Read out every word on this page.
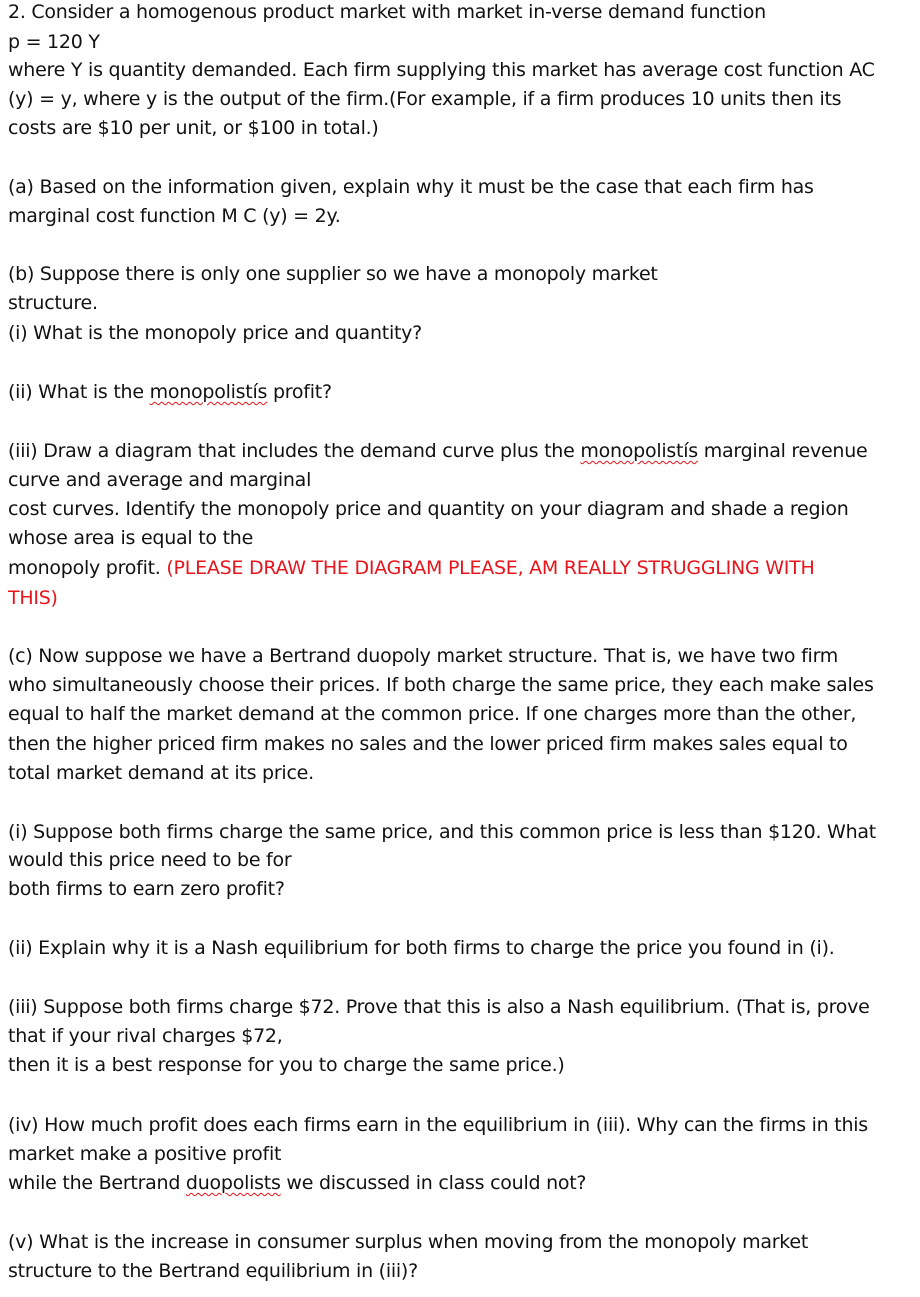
2. Consider a homogenous product market with market in-verse demand function
p = 120 Y
where Y is quantity demanded. Each firm supplying this market has average cost function AC
(y) = y, where y is the output of the firm.(For example, if a firm produces 10 units then its
costs are $10 per unit, or $100 in total.)
(a) Based on the information given, explain why it must be the case that each firm has
marginal cost function M C (y) = 2y.
(b) Suppose there is only one supplier so we have a monopoly market
structure.
(i) What is the monopoly price and quantity?
(ii) What is the monopolistís profit?
(iii) Draw a diagram that includes the demand curve plus the monopolistís marginal revenue
curve and average and marginal
cost curves. Identify the monopoly price and quantity on your diagram and shade a region
whose area is equal to the
monopoly profit. (PLEASE DRAW THE DIAGRAM PLEASE, AM REALLY STRUGGLING WITH
THIS)
(c) Now suppose we have a Bertrand duopoly market structure. That is, we have two firm
who simultaneously choose their prices. If both charge the same price, they each make sales
equal to half the market demand at the common price. If one charges more than the other,
then the higher priced firm makes no sales and the lower priced firm makes sales equal to
total market demand at its price.
(i) Suppose both firms charge the same price, and this common price is less than $120. What
would this price need to be for
both firms to earn zero profit?
(ii) Explain why it is a Nash equilibrium for both firms to charge the price you found in (i).
(iii) Suppose both firms charge $72. Prove that this is also a Nash equilibrium. (That is, prove
that if your rival charges $72,
then it is a best response for you to charge the same price.)
(iv) How much profit does each firms earn in the equilibrium in (iii). Why can the firms in this
market make a positive profit
while the Bertrand duopolists we discussed in class could not?
(v) What is the increase in consumer surplus when moving from the monopoly market
structure to the Bertrand equilibrium in (iii)?
